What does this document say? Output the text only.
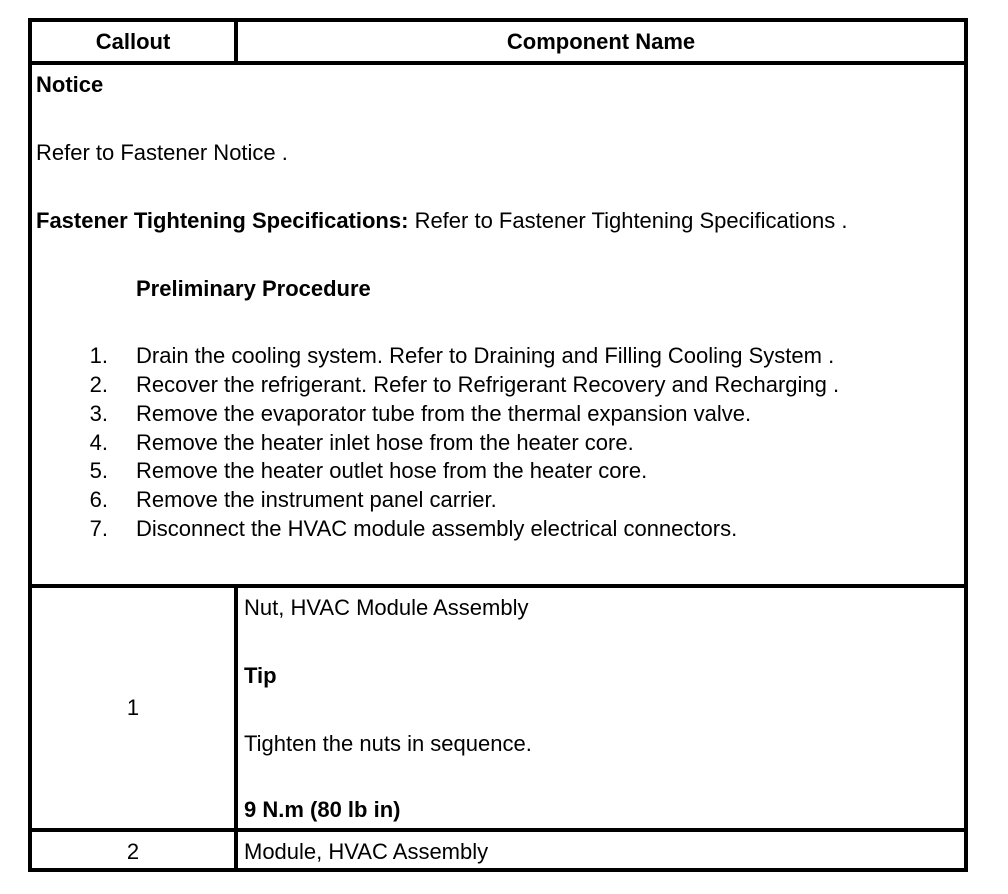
Callout	Component Name
Notice
Refer to Fastener Notice .
Fastener Tightening Specifications: Refer to Fastener Tightening Specifications .
Preliminary Procedure
1. Drain the cooling system. Refer to Draining and Filling Cooling System .
2. Recover the refrigerant. Refer to Refrigerant Recovery and Recharging .
3. Remove the evaporator tube from the thermal expansion valve.
4. Remove the heater inlet hose from the heater core.
5. Remove the heater outlet hose from the heater core.
6. Remove the instrument panel carrier.
7. Disconnect the HVAC module assembly electrical connectors.
1
Nut, HVAC Module Assembly
Tip
Tighten the nuts in sequence.
9 N.m (80 lb in)
2	Module, HVAC Assembly
